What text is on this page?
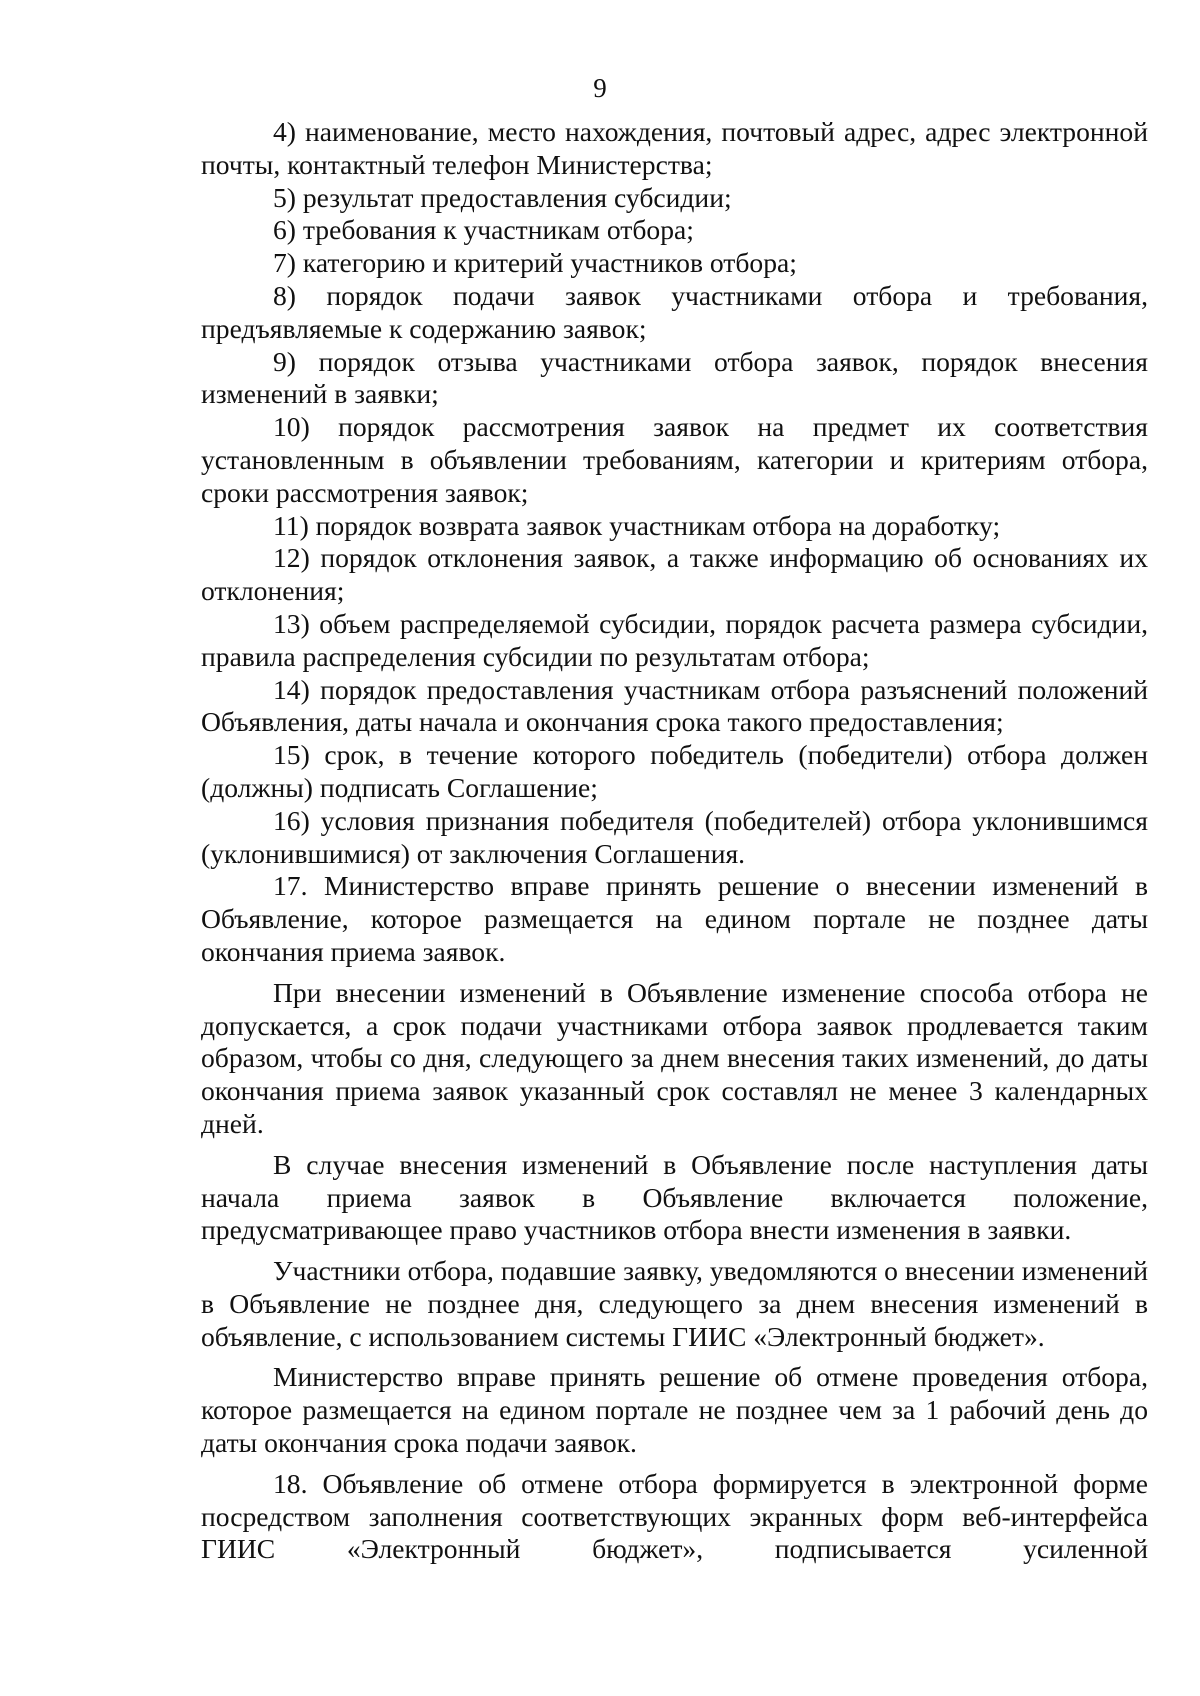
9

4) наименование, место нахождения, почтовый адрес, адрес электронной почты, контактный телефон Министерства;

5) результат предоставления субсидии;

6) требования к участникам отбора;

7) категорию и критерий участников отбора;

8) порядок подачи заявок участниками отбора и требования, предъявляемые к содержанию заявок;

9) порядок отзыва участниками отбора заявок, порядок внесения изменений в заявки;

10) порядок рассмотрения заявок на предмет их соответствия установленным в объявлении требованиям, категории и критериям отбора, сроки рассмотрения заявок;

11) порядок возврата заявок участникам отбора на доработку;

12) порядок отклонения заявок, а также информацию об основаниях их отклонения;

13) объем распределяемой субсидии, порядок расчета размера субсидии, правила распределения субсидии по результатам отбора;

14) порядок предоставления участникам отбора разъяснений положений Объявления, даты начала и окончания срока такого предоставления;

15) срок, в течение которого победитель (победители) отбора должен (должны) подписать Соглашение;

16) условия признания победителя (победителей) отбора уклонившимся (уклонившимися) от заключения Соглашения.

17. Министерство вправе принять решение о внесении изменений в Объявление, которое размещается на едином портале не позднее даты окончания приема заявок.

При внесении изменений в Объявление изменение способа отбора не допускается, а срок подачи участниками отбора заявок продлевается таким образом, чтобы со дня, следующего за днем внесения таких изменений, до даты окончания приема заявок указанный срок составлял не менее 3 календарных дней.

В случае внесения изменений в Объявление после наступления даты начала приема заявок в Объявление включается положение, предусматривающее право участников отбора внести изменения в заявки.

Участники отбора, подавшие заявку, уведомляются о внесении изменений в Объявление не позднее дня, следующего за днем внесения изменений в объявление, с использованием системы ГИИС «Электронный бюджет».

Министерство вправе принять решение об отмене проведения отбора, которое размещается на едином портале не позднее чем за 1 рабочий день до даты окончания срока подачи заявок.

18. Объявление об отмене отбора формируется в электронной форме посредством заполнения соответствующих экранных форм веб-интерфейса ГИИС «Электронный бюджет», подписывается усиленной
